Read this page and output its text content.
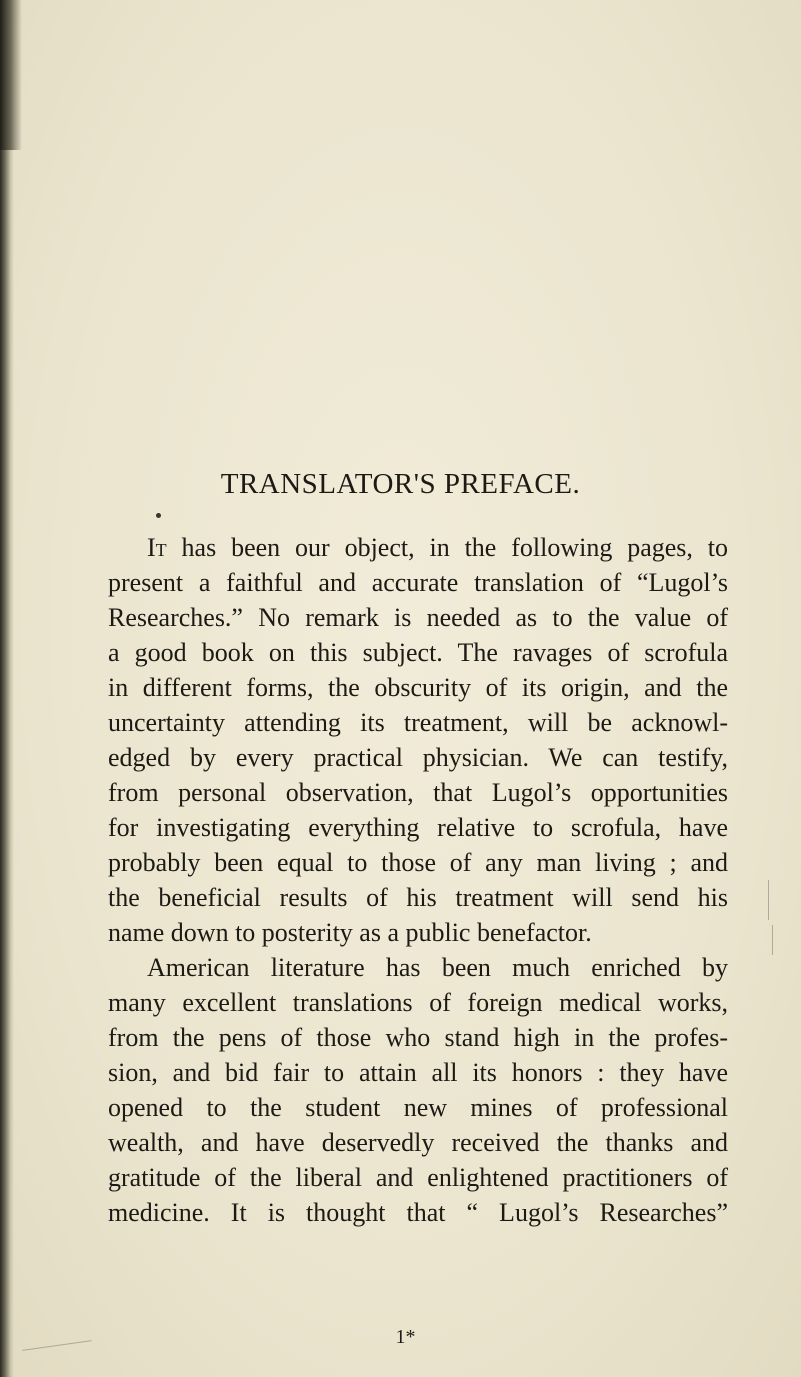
TRANSLATOR'S PREFACE.
It has been our object, in the following pages, to
present a faithful and accurate translation of “Lugol’s
Researches.” No remark is needed as to the value of
a good book on this subject. The ravages of scrofula
in different forms, the obscurity of its origin, and the
uncertainty attending its treatment, will be acknowl-
edged by every practical physician. We can testify,
from personal observation, that Lugol’s opportunities
for investigating everything relative to scrofula, have
probably been equal to those of any man living ; and
the beneficial results of his treatment will send his
name down to posterity as a public benefactor.
American literature has been much enriched by
many excellent translations of foreign medical works,
from the pens of those who stand high in the profes-
sion, and bid fair to attain all its honors : they have
opened to the student new mines of professional
wealth, and have deservedly received the thanks and
gratitude of the liberal and enlightened practitioners of
medicine. It is thought that “ Lugol’s Researches”
1*
